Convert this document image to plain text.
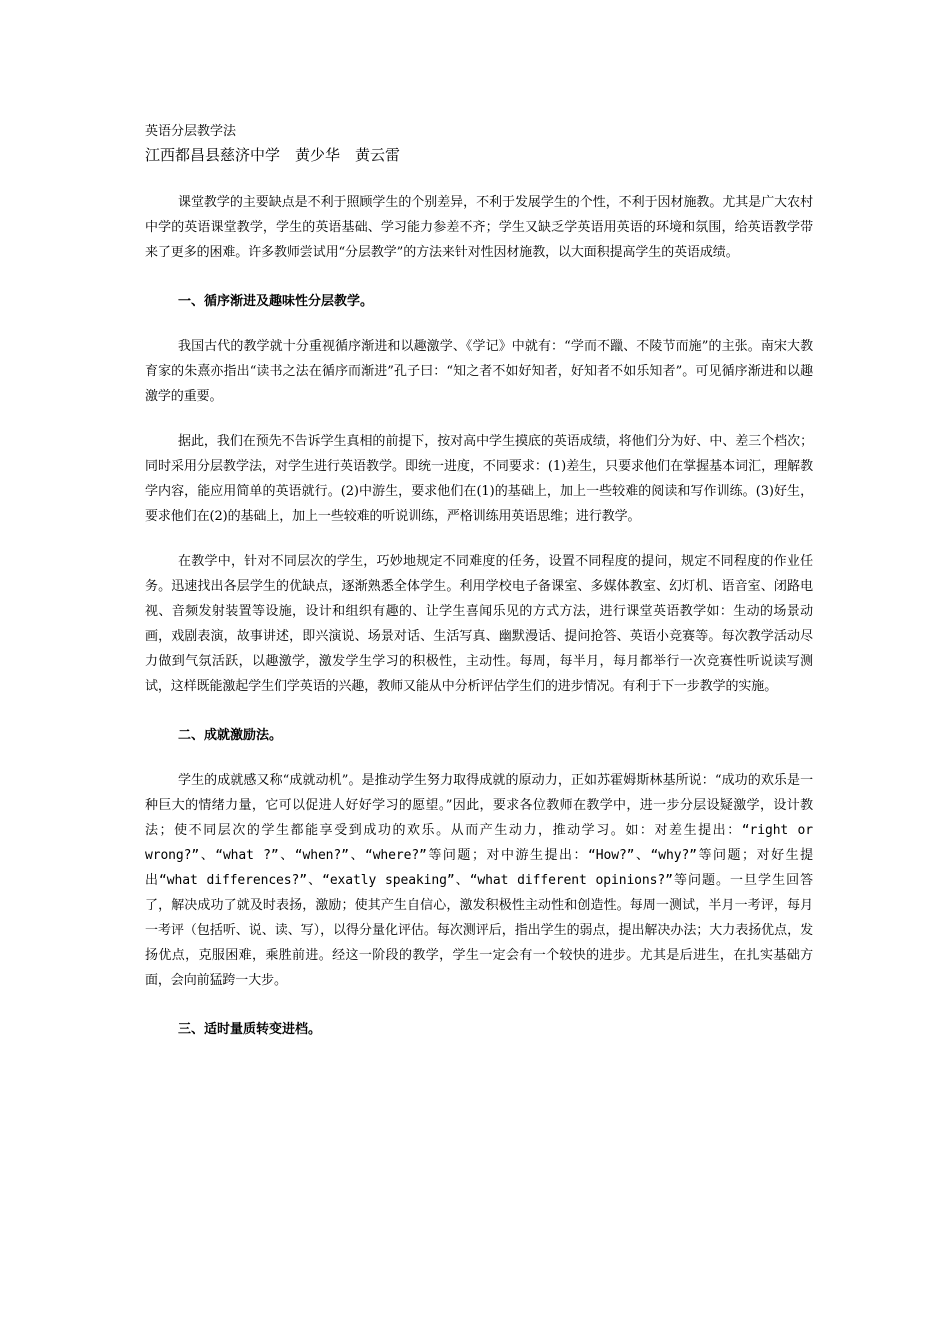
英语分层教学法

江西都昌县慈济中学　黄少华　黄云雷

课堂教学的主要缺点是不利于照顾学生的个别差异，不利于发展学生的个性，不利于因材施教。尤其是广大农村中学的英语课堂教学，学生的英语基础、学习能力参差不齐；学生又缺乏学英语用英语的环境和氛围，给英语教学带来了更多的困难。许多教师尝试用“分层教学”的方法来针对性因材施教，以大面积提高学生的英语成绩。

一、循序渐进及趣味性分层教学。

我国古代的教学就十分重视循序渐进和以趣激学、《学记》中就有：“学而不躐、不陵节而施”的主张。南宋大教育家的朱熹亦指出“读书之法在循序而渐进”孔子曰：“知之者不如好知者，好知者不如乐知者”。可见循序渐进和以趣激学的重要。

据此，我们在预先不告诉学生真相的前提下，按对高中学生摸底的英语成绩，将他们分为好、中、差三个档次；同时采用分层教学法，对学生进行英语教学。即统一进度，不同要求：(1)差生，只要求他们在掌握基本词汇，理解教学内容，能应用简单的英语就行。(2)中游生，要求他们在(1)的基础上，加上一些较难的阅读和写作训练。(3)好生，要求他们在(2)的基础上，加上一些较难的听说训练，严格训练用英语思维；进行教学。

在教学中，针对不同层次的学生，巧妙地规定不同难度的任务，设置不同程度的提问，规定不同程度的作业任务。迅速找出各层学生的优缺点，逐渐熟悉全体学生。利用学校电子备课室、多媒体教室、幻灯机、语音室、闭路电视、音频发射装置等设施，设计和组织有趣的、让学生喜闻乐见的方式方法，进行课堂英语教学如：生动的场景动画，戏剧表演，故事讲述，即兴演说、场景对话、生活写真、幽默漫话、提问抢答、英语小竞赛等。每次教学活动尽力做到气氛活跃，以趣激学，激发学生学习的积极性，主动性。每周，每半月，每月都举行一次竞赛性听说读写测试，这样既能激起学生们学英语的兴趣，教师又能从中分析评估学生们的进步情况。有利于下一步教学的实施。

二、成就激励法。

学生的成就感又称“成就动机”。是推动学生努力取得成就的原动力，正如苏霍姆斯林基所说：“成功的欢乐是一种巨大的情绪力量，它可以促进人好好学习的愿望。”因此，要求各位教师在教学中，进一步分层设疑激学，设计教法；使不同层次的学生都能享受到成功的欢乐。从而产生动力，推动学习。如：对差生提出：“right or wrong?”、“what ?”、“when?”、“where?”等问题；对中游生提出：“How?”、“why?”等问题；对好生提出“what differences?”、“exatly speaking”、“what different opinions?”等问题。一旦学生回答了，解决成功了就及时表扬，激励；使其产生自信心，激发积极性主动性和创造性。每周一测试，半月一考评，每月一考评（包括听、说、读、写），以得分量化评估。每次测评后，指出学生的弱点，提出解决办法；大力表扬优点，发扬优点，克服困难，乘胜前进。经这一阶段的教学，学生一定会有一个较快的进步。尤其是后进生，在扎实基础方面，会向前猛跨一大步。

三、适时量质转变进档。
